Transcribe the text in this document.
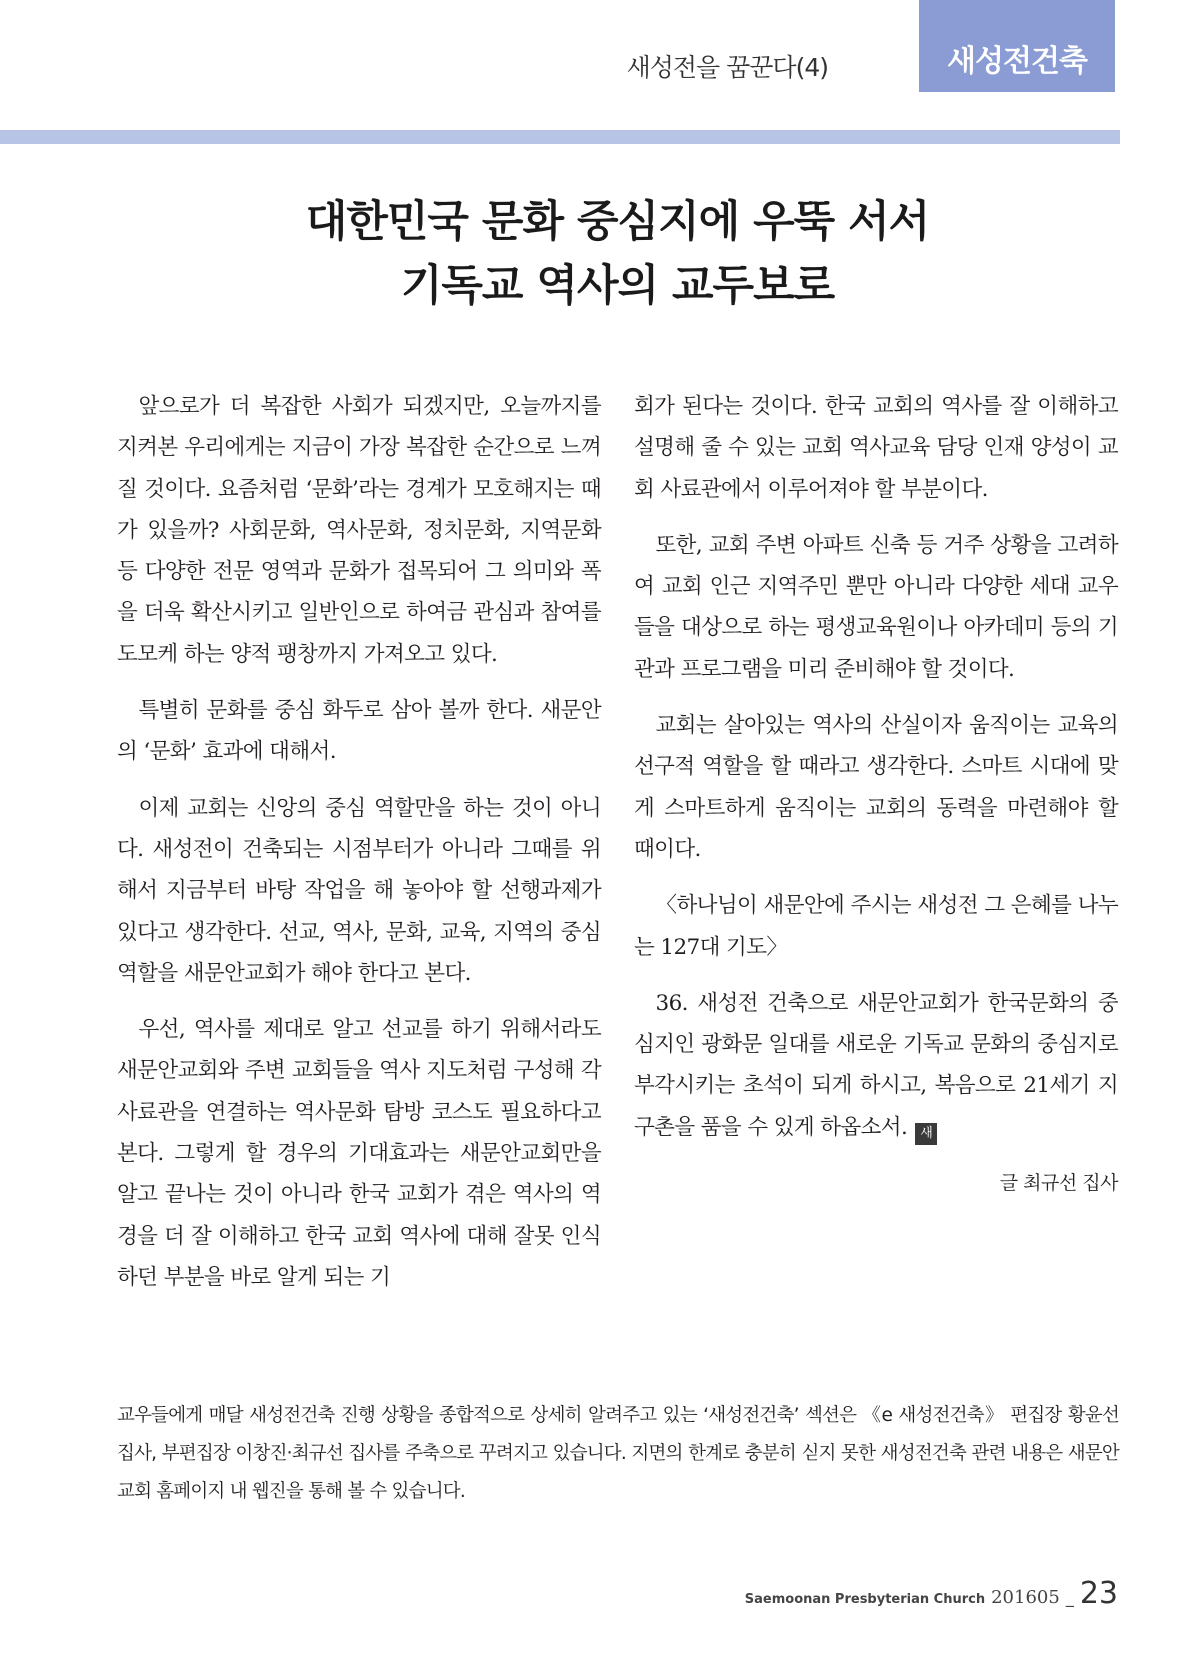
새성전을 꿈꾼다(4)	새성전건축
대한민국 문화 중심지에 우뚝 서서
기독교 역사의 교두보로

앞으로가 더 복잡한 사회가 되겠지만, 오늘까지를 지켜본 우리에게는 지금이 가장 복잡한 순간으로 느껴질 것이다. 요즘처럼 ‘문화’라는 경계가 모호해지는 때가 있을까? 사회문화, 역사문화, 정치문화, 지역문화 등 다양한 전문 영역과 문화가 접목되어 그 의미와 폭을 더욱 확산시키고 일반인으로 하여금 관심과 참여를 도모케 하는 양적 팽창까지 가져오고 있다.

특별히 문화를 중심 화두로 삼아 볼까 한다. 새문안의 ‘문화’ 효과에 대해서.

이제 교회는 신앙의 중심 역할만을 하는 것이 아니다. 새성전이 건축되는 시점부터가 아니라 그때를 위해서 지금부터 바탕 작업을 해 놓아야 할 선행과제가 있다고 생각한다. 선교, 역사, 문화, 교육, 지역의 중심 역할을 새문안교회가 해야 한다고 본다.

우선, 역사를 제대로 알고 선교를 하기 위해서라도 새문안교회와 주변 교회들을 역사 지도처럼 구성해 각 사료관을 연결하는 역사문화 탐방 코스도 필요하다고 본다. 그렇게 할 경우의 기대효과는 새문안교회만을 알고 끝나는 것이 아니라 한국 교회가 겪은 역사의 역경을 더 잘 이해하고 한국 교회 역사에 대해 잘못 인식하던 부분을 바로 알게 되는 기

회가 된다는 것이다. 한국 교회의 역사를 잘 이해하고 설명해 줄 수 있는 교회 역사교육 담당 인재 양성이 교회 사료관에서 이루어져야 할 부분이다.

또한, 교회 주변 아파트 신축 등 거주 상황을 고려하여 교회 인근 지역주민 뿐만 아니라 다양한 세대 교우들을 대상으로 하는 평생교육원이나 아카데미 등의 기관과 프로그램을 미리 준비해야 할 것이다.

교회는 살아있는 역사의 산실이자 움직이는 교육의 선구적 역할을 할 때라고 생각한다. 스마트 시대에 맞게 스마트하게 움직이는 교회의 동력을 마련해야 할 때이다.

〈하나님이 새문안에 주시는 새성전 그 은혜를 나누는 127대 기도〉

36. 새성전 건축으로 새문안교회가 한국문화의 중심지인 광화문 일대를 새로운 기독교 문화의 중심지로 부각시키는 초석이 되게 하시고, 복음으로 21세기 지구촌을 품을 수 있게 하옵소서. 새

글 최규선 집사
교우들에게 매달 새성전건축 진행 상황을 종합적으로 상세히 알려주고 있는 ‘새성전건축’ 섹션은 《e 새성전건축》 편집장 황윤선 집사, 부편집장 이창진·최규선 집사를 주축으로 꾸려지고 있습니다. 지면의 한계로 충분히 싣지 못한 새성전건축 관련 내용은 새문안교회 홈페이지 내 웹진을 통해 볼 수 있습니다.
Saemoonan Presbyterian Church 201605 _ 23
